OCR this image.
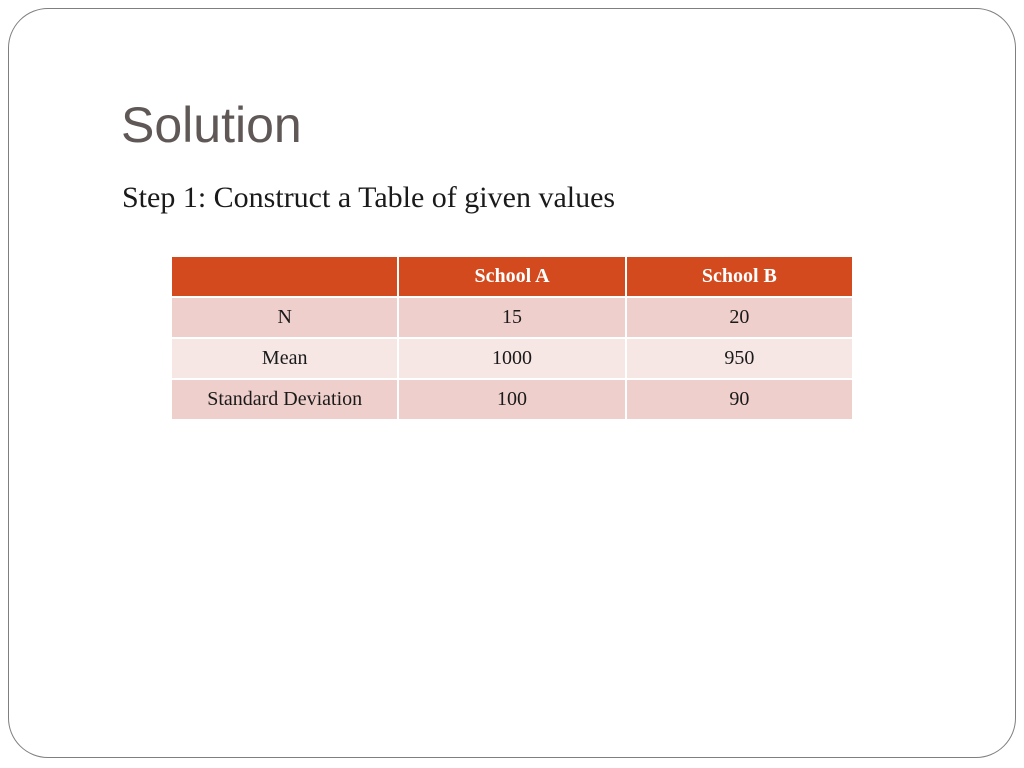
Solution

Step 1: Construct a Table of given values

	School A	School B
N	15	20
Mean	1000	950
Standard Deviation	100	90
